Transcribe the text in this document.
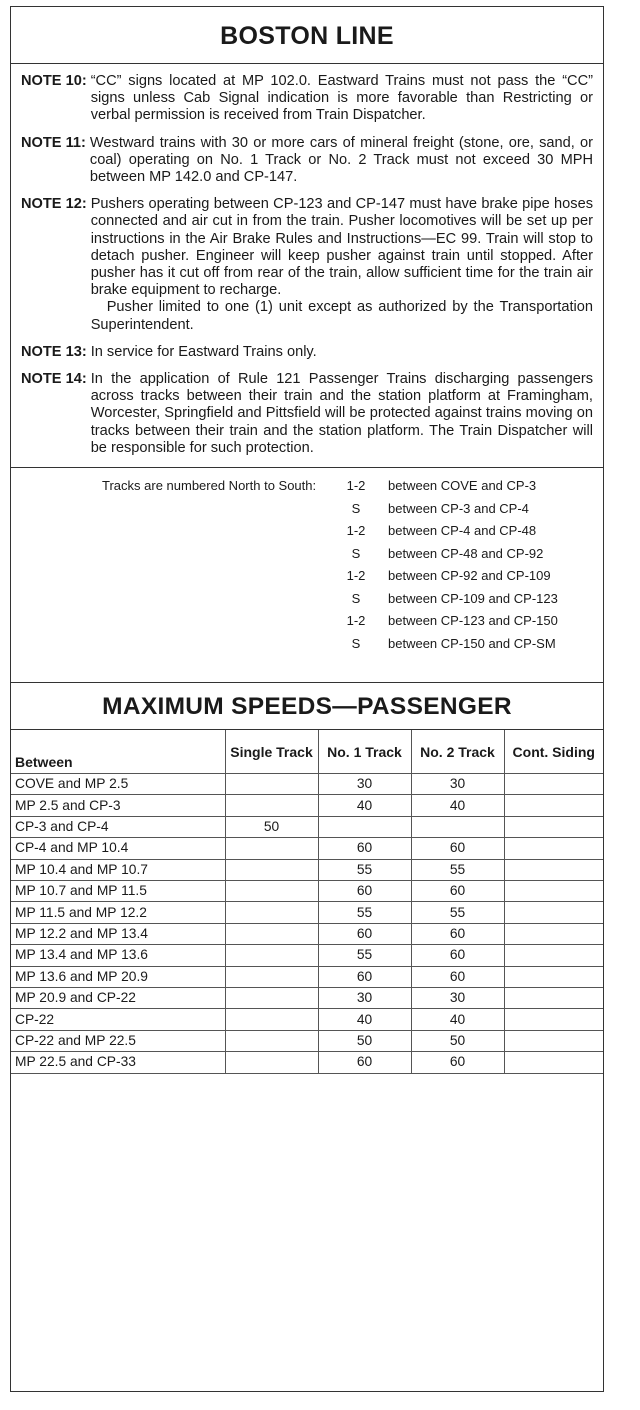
BOSTON LINE
NOTE 10: “CC” signs located at MP 102.0. Eastward Trains must not pass the “CC” signs unless Cab Signal indication is more favorable than Restricting or verbal permission is received from Train Dispatcher.

NOTE 11: Westward trains with 30 or more cars of mineral freight (stone, ore, sand, or coal) operating on No. 1 Track or No. 2 Track must not exceed 30 MPH between MP 142.0 and CP-147.

NOTE 12: Pushers operating between CP-123 and CP-147 must have brake pipe hoses connected and air cut in from the train. Pusher locomotives will be set up per instructions in the Air Brake Rules and Instructions—EC 99. Train will stop to detach pusher. Engineer will keep pusher against train until stopped. After pusher has it cut off from rear of the train, allow sufficient time for the train air brake equipment to recharge.

Pusher limited to one (1) unit except as authorized by the Transportation Superintendent.

NOTE 13: In service for Eastward Trains only.

NOTE 14: In the application of Rule 121 Passenger Trains discharging passengers across tracks between their train and the station platform at Framingham, Worcester, Springfield and Pittsfield will be protected against trains moving on tracks between their train and the station platform. The Train Dispatcher will be responsible for such protection.

Tracks are numbered North to South:	1-2	between COVE and CP-3
S	between CP-3 and CP-4
1-2	between CP-4 and CP-48
S	between CP-48 and CP-92
1-2	between CP-92 and CP-109
S	between CP-109 and CP-123
1-2	between CP-123 and CP-150
S	between CP-150 and CP-SM
MAXIMUM SPEEDS—PASSENGER
Between	Single Track	No. 1 Track	No. 2 Track	Cont. Siding
COVE and MP 2.5		30	30	
MP 2.5 and CP-3		40	40	
CP-3 and CP-4	50			
CP-4 and MP 10.4		60	60	
MP 10.4 and MP 10.7		55	55	
MP 10.7 and MP 11.5		60	60	
MP 11.5 and MP 12.2		55	55	
MP 12.2 and MP 13.4		60	60	
MP 13.4 and MP 13.6		55	60	
MP 13.6 and MP 20.9		60	60	
MP 20.9 and CP-22		30	30	
CP-22		40	40	
CP-22 and MP 22.5		50	50	
MP 22.5 and CP-33		60	60	
